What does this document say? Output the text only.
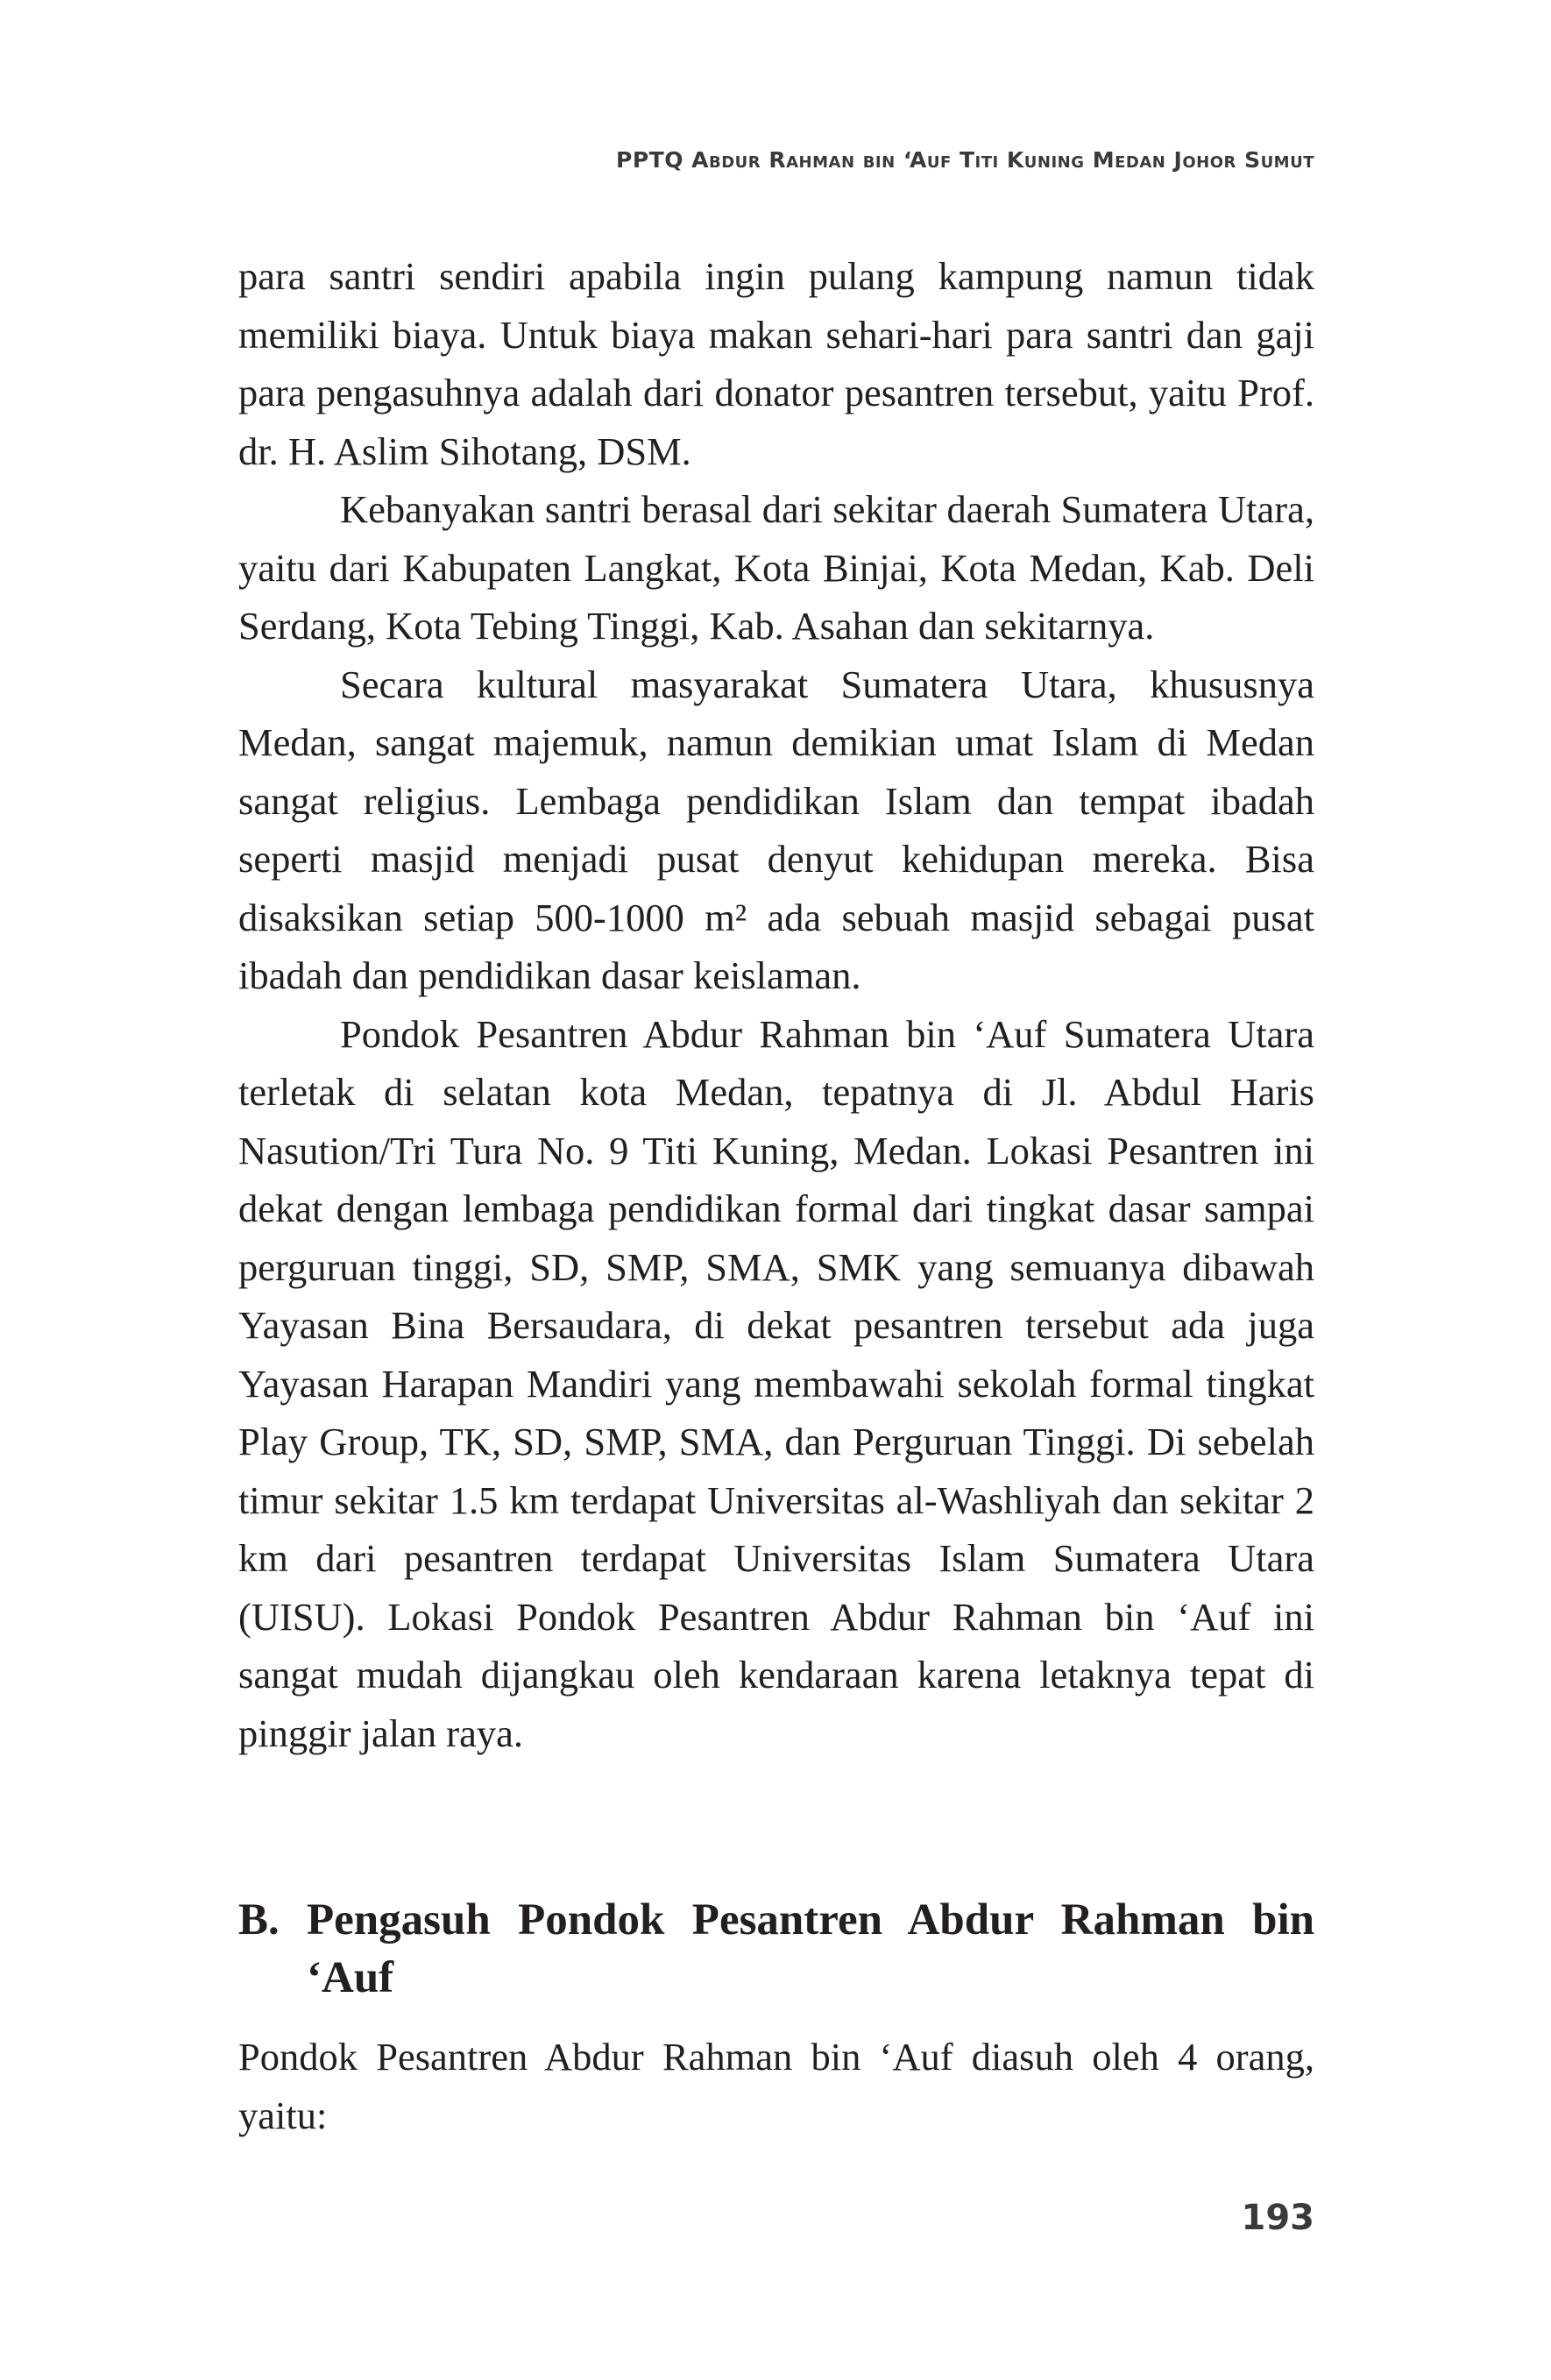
PPTQ Abdur Rahman bin ‘Auf Titi Kuning Medan Johor Sumut

para santri sendiri apabila ingin pulang kampung namun tidak memiliki biaya. Untuk biaya makan sehari-hari para santri dan gaji para pengasuhnya adalah dari donator pesantren tersebut, yaitu Prof. dr. H. Aslim Sihotang, DSM.

Kebanyakan santri berasal dari sekitar daerah Sumatera Utara, yaitu dari Kabupaten Langkat, Kota Binjai, Kota Medan, Kab. Deli Serdang, Kota Tebing Tinggi, Kab. Asahan dan sekitarnya.

Secara kultural masyarakat Sumatera Utara, khususnya Medan, sangat majemuk, namun demikian umat Islam di Medan sangat religius. Lembaga pendidikan Islam dan tempat ibadah seperti masjid menjadi pusat denyut kehidupan mereka. Bisa disaksikan setiap 500-1000 m² ada sebuah masjid sebagai pusat ibadah dan pendidikan dasar keislaman.

Pondok Pesantren Abdur Rahman bin ‘Auf Sumatera Utara terletak di selatan kota Medan, tepatnya di Jl. Abdul Haris Nasution/Tri Tura No. 9 Titi Kuning, Medan. Lokasi Pesantren ini dekat dengan lembaga pendidikan formal dari tingkat dasar sampai perguruan tinggi, SD, SMP, SMA, SMK yang semuanya dibawah Yayasan Bina Bersaudara, di dekat pesantren tersebut ada juga Yayasan Harapan Mandiri yang membawahi sekolah formal tingkat Play Group, TK, SD, SMP, SMA, dan Perguruan Tinggi. Di sebelah timur sekitar 1.5 km terdapat Universitas al-Washliyah dan sekitar 2 km dari pesantren terdapat Universitas Islam Sumatera Utara (UISU). Lokasi Pondok Pesantren Abdur Rahman bin ‘Auf ini sangat mudah dijangkau oleh kendaraan karena letaknya tepat di pinggir jalan raya.

B. Pengasuh Pondok Pesantren Abdur Rahman bin ‘Auf

Pondok Pesantren Abdur Rahman bin ‘Auf diasuh oleh 4 orang, yaitu:

193
